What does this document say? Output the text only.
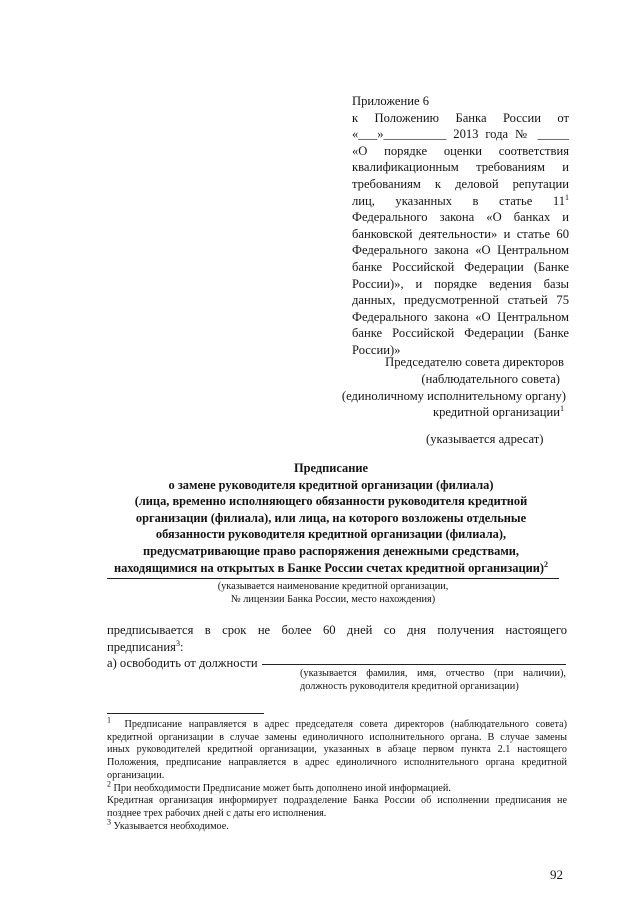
Приложение 6
к Положению Банка России от
«___»__________ 2013 года № _____
«О порядке оценки соответствия
квалификационным требованиям и
требованиям к деловой репутации
лиц, указанных в статье $11^1$
Федерального закона «О банках и
банковской деятельности» и статье 60
Федерального закона «О Центральном
банке Российской Федерации (Банке
России)», и порядке ведения базы
данных, предусмотренной статьей 75
Федерального закона «О Центральном
банке Российской Федерации (Банке
России)»
Председателю совета директоров
(наблюдательного совета)
(единоличному исполнительному органу)
кредитной организации$^1$
(указывается адресат)
Предписание
о замене руководителя кредитной организации (филиала)
(лица, временно исполняющего обязанности руководителя кредитной
организации (филиала), или лица, на которого возложены отдельные
обязанности руководителя кредитной организации (филиала),
предусматривающие право распоряжения денежными средствами,
находящимися на открытых в Банке России счетах кредитной организации)$^2$
(указывается наименование кредитной организации,
№ лицензии Банка России, место нахождения)
предписывается в срок не более 60 дней со дня получения настоящего
предписания$^3$:
а) освободить от должности
(указывается фамилия, имя, отчество (при наличии),
должность руководителя кредитной организации)
$^1$ Предписание направляется в адрес председателя совета директоров (наблюдательного совета)
кредитной организации в случае замены единоличного исполнительного органа. В случае замены
иных руководителей кредитной организации, указанных в абзаце первом пункта 2.1 настоящего
Положения, предписание направляется в адрес единоличного исполнительного органа кредитной
организации.
$^2$ При необходимости Предписание может быть дополнено иной информацией.
Кредитная организация информирует подразделение Банка России об исполнении предписания не
позднее трех рабочих дней с даты его исполнения.
$^3$ Указывается необходимое.
92
